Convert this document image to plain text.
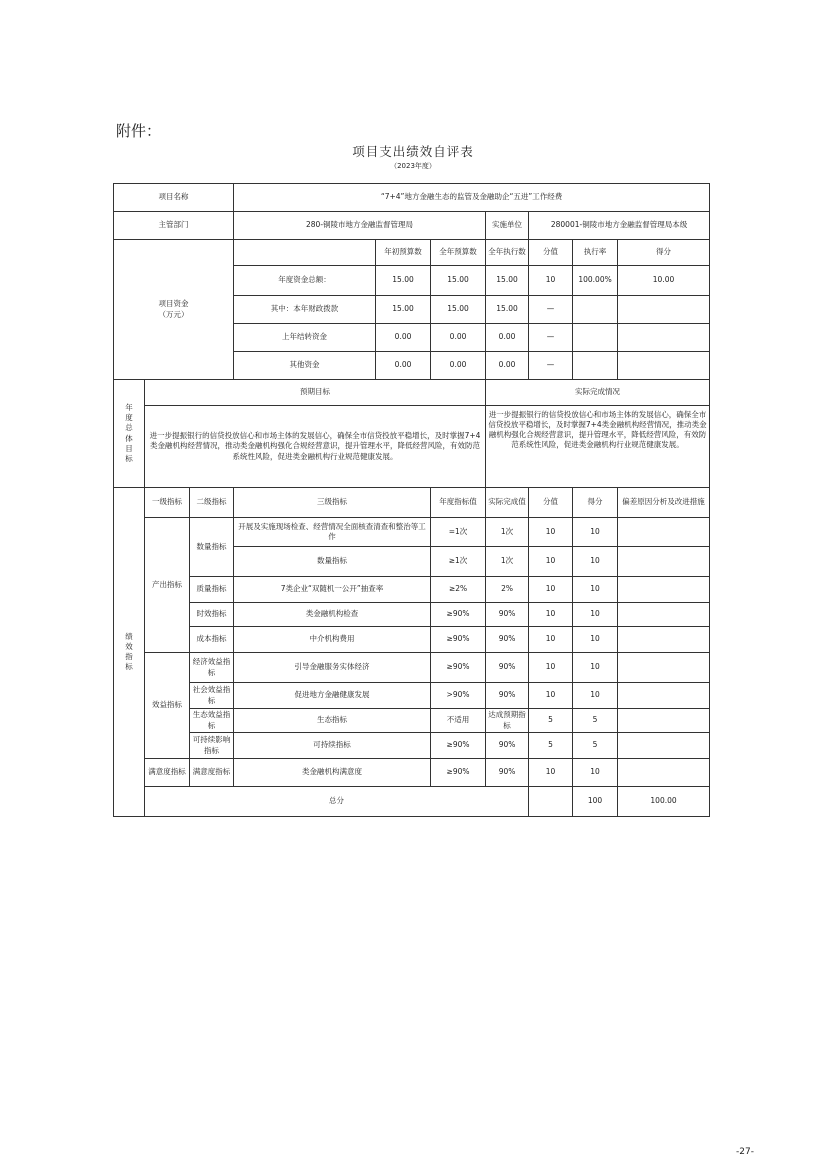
附件：
项目支出绩效自评表
（2023年度）
项目名称			“7+4”地方金融生态的监管及金融助企“五进”工作经费							
主管部门			280-铜陵市地方金融监督管理局			实施单位	280001-铜陵市地方金融监督管理局本级			

项目资金
（万元）				年初预算数	全年预算数	全年执行数	分值	执行率	得分	
			年度资金总额：	15.00	15.00	15.00	10	100.00%	10.00	
			其中：本年财政拨款	15.00	15.00	15.00	—			
			上年结转资金	0.00	0.00	0.00	—			
			其他资金	0.00	0.00	0.00	—			

年度总体目标	预期目标					实际完成情况				
	进一步提振银行的信贷投放信心和市场主体的发展信心，确保全市信贷投放平稳增长，及时掌握7+4类金融机构经营情况，推动类金融机构强化合规经营意识，提升管理水平，降低经营风险，有效防范系统性风险，促进类金融机构行业规范健康发展。					进一步提振银行的信贷投放信心和市场主体的发展信心，确保全市信贷投放平稳增长，及时掌握7+4类金融机构经营情况，推动类金融机构强化合规经营意识，提升管理水平，降低经营风险，有效防范系统性风险，促进类金融机构行业规范健康发展。				

绩效指标	一级指标	二级指标	三级指标		年度指标值	实际完成值	分值	得分	偏差原因分析及改进措施	
	产出指标	数量指标	开展及实施现场检查、经营情况全面核查清查和整治等工作		=1次	1次	10	10		
			数量指标		≥1次	1次	10	10		
		质量指标	7类企业“双随机一公开”抽查率		≥2%	2%	10	10		
		时效指标	类金融机构检查		≥90%	90%	10	10		
		成本指标	中介机构费用		≥90%	90%	10	10		
	效益指标	经济效益指标	引导金融服务实体经济		≥90%	90%	10	10		
		社会效益指标	促进地方金融健康发展		>90%	90%	10	10		
		生态效益指标	生态指标		不适用	达成预期指标	5	5		
		可持续影响指标	可持续指标		≥90%	90%	5	5		
	满意度指标	满意度指标	类金融机构满意度		≥90%	90%	10	10		
	总分							100	100.00	
-27-
